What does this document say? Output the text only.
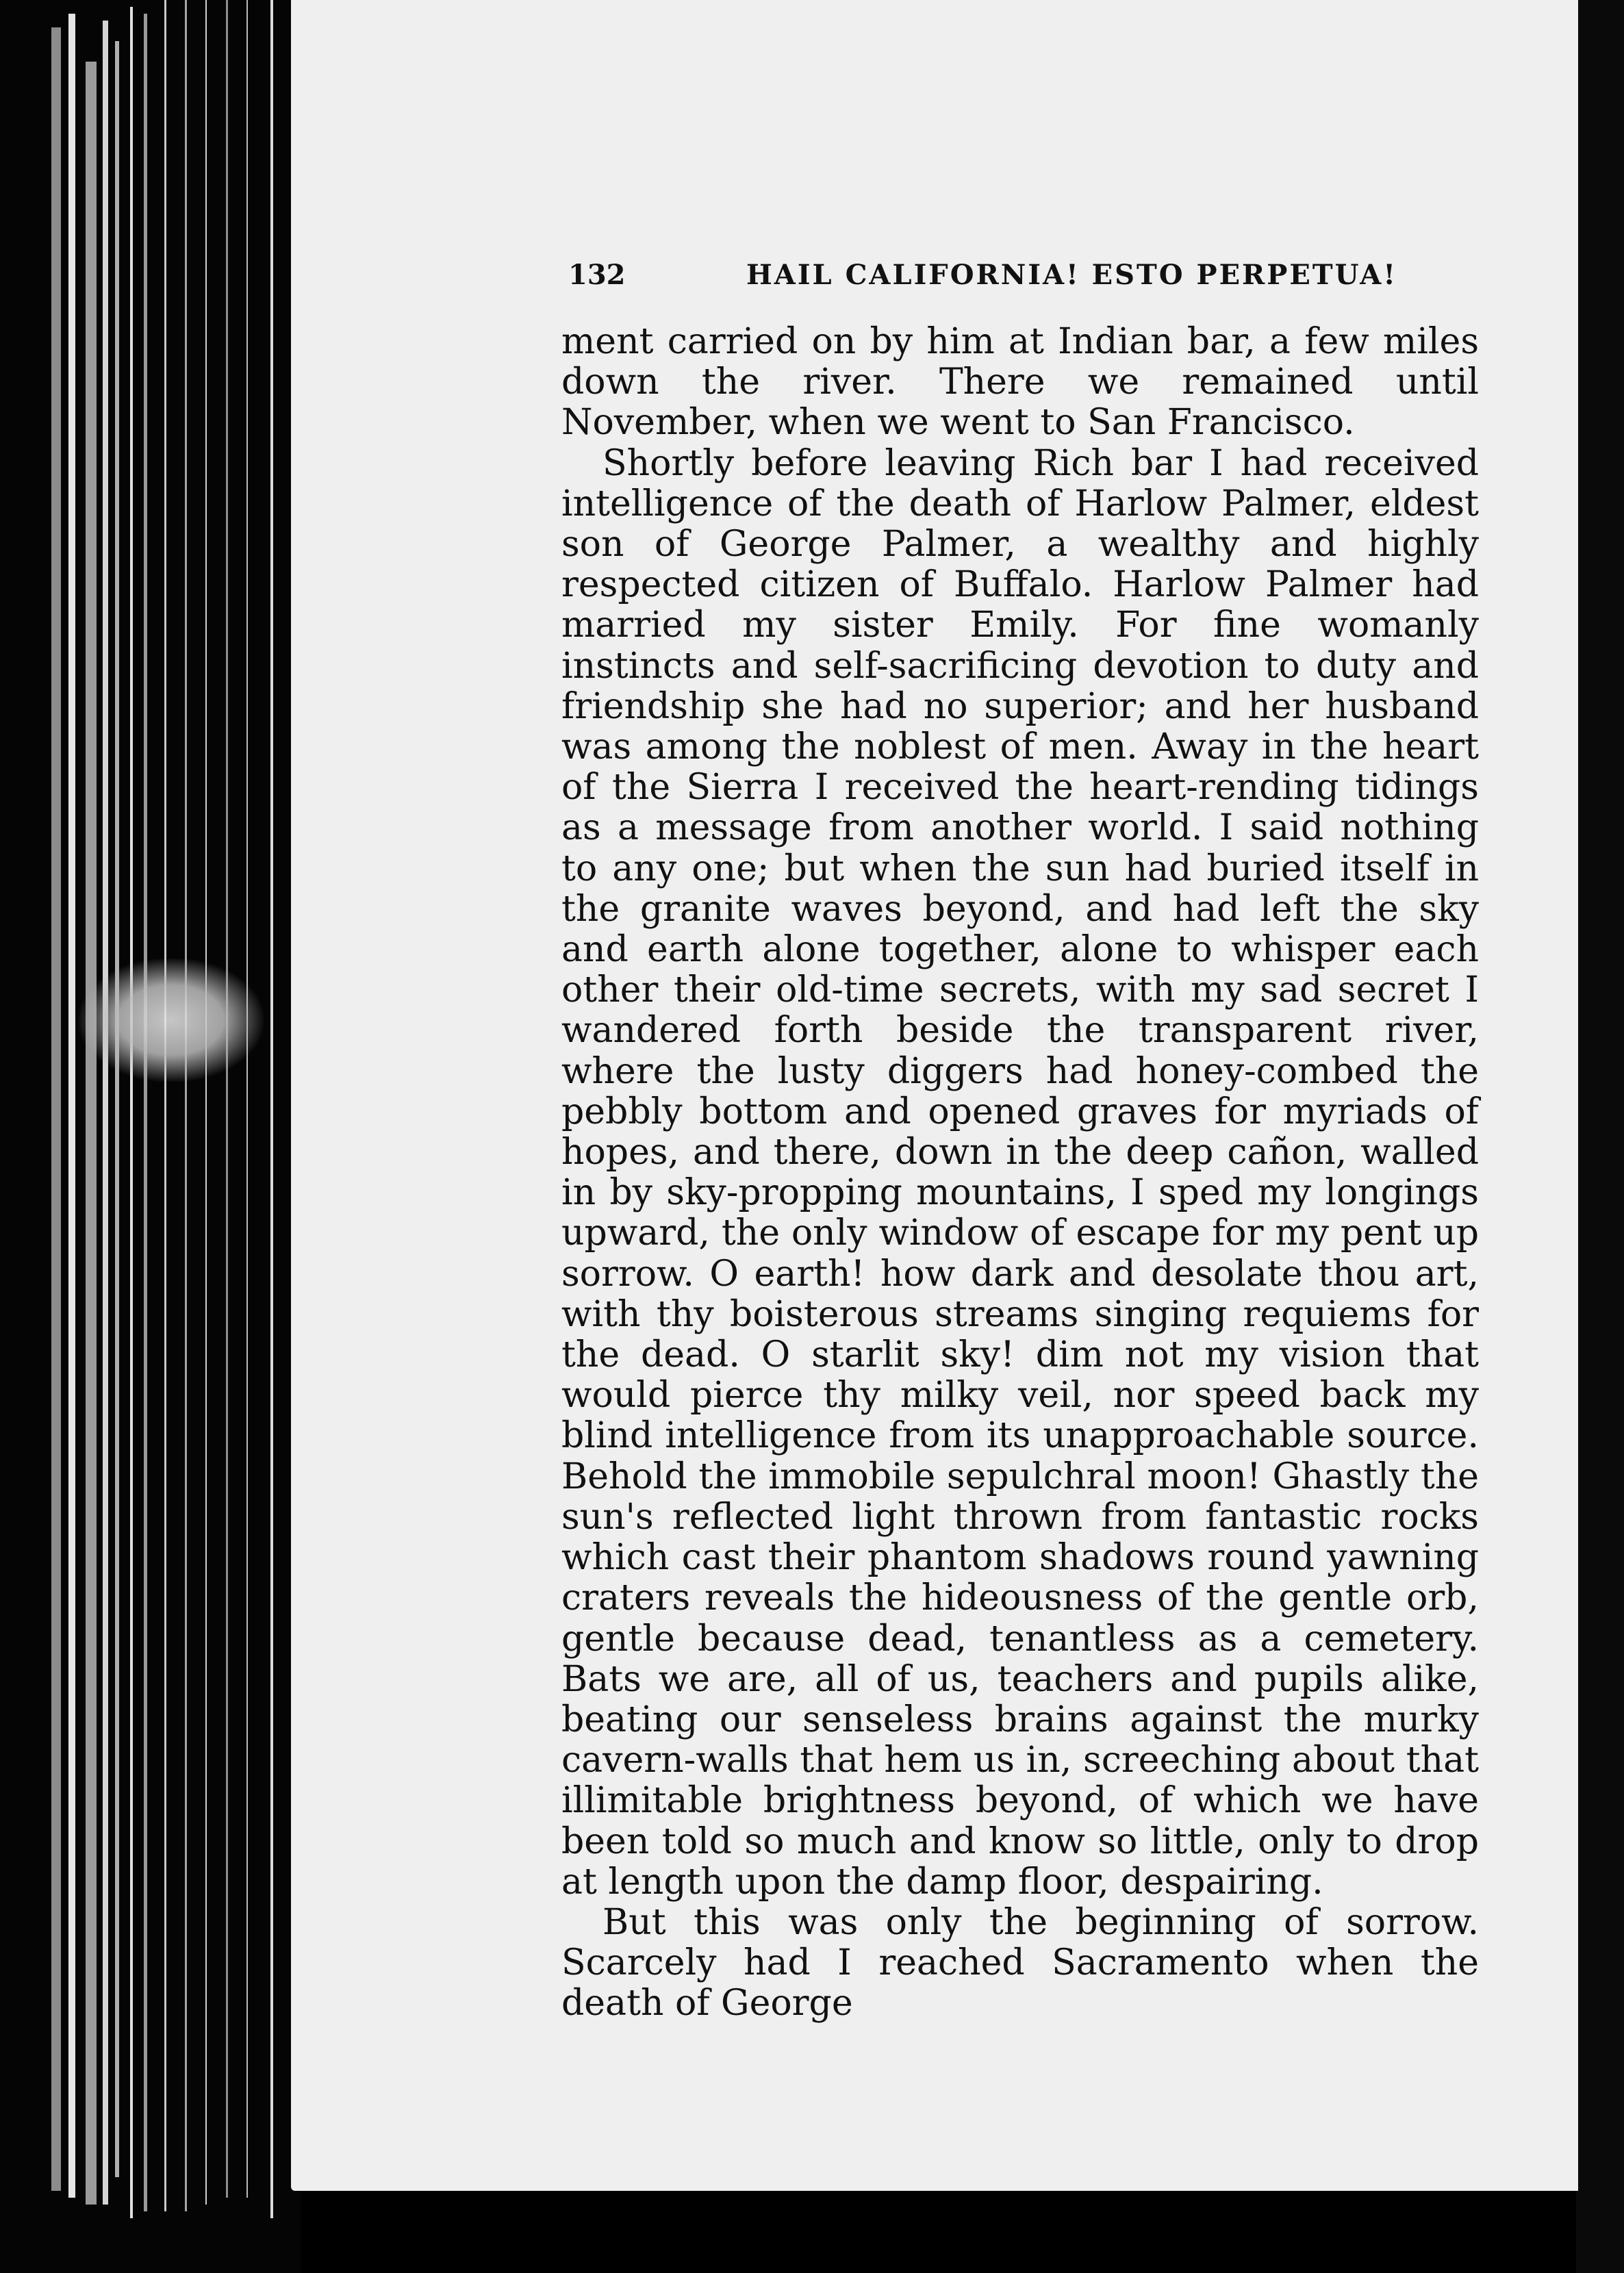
132	HAIL CALIFORNIA! ESTO PERPETUA!

ment carried on by him at Indian bar, a few miles down the river. There we remained until November, when we went to San Francisco.

Shortly before leaving Rich bar I had received intelligence of the death of Harlow Palmer, eldest son of George Palmer, a wealthy and highly respected citizen of Buffalo. Harlow Palmer had married my sister Emily. For fine womanly instincts and self-sacrificing devotion to duty and friendship she had no superior; and her husband was among the noblest of men. Away in the heart of the Sierra I received the heart-rending tidings as a message from another world. I said nothing to any one; but when the sun had buried itself in the granite waves beyond, and had left the sky and earth alone together, alone to whisper each other their old-time secrets, with my sad secret I wandered forth beside the transparent river, where the lusty diggers had honey-combed the pebbly bottom and opened graves for myriads of hopes, and there, down in the deep cañon, walled in by sky-propping mountains, I sped my longings upward, the only window of escape for my pent up sorrow. O earth! how dark and desolate thou art, with thy boisterous streams singing requiems for the dead. O starlit sky! dim not my vision that would pierce thy milky veil, nor speed back my blind intelligence from its unapproachable source. Behold the immobile sepulchral moon! Ghastly the sun's reflected light thrown from fantastic rocks which cast their phantom shadows round yawning craters reveals the hideousness of the gentle orb, gentle because dead, tenantless as a cemetery. Bats we are, all of us, teachers and pupils alike, beating our senseless brains against the murky cavern-walls that hem us in, screeching about that illimitable brightness beyond, of which we have been told so much and know so little, only to drop at length upon the damp floor, despairing.

But this was only the beginning of sorrow. Scarcely had I reached Sacramento when the death of George
